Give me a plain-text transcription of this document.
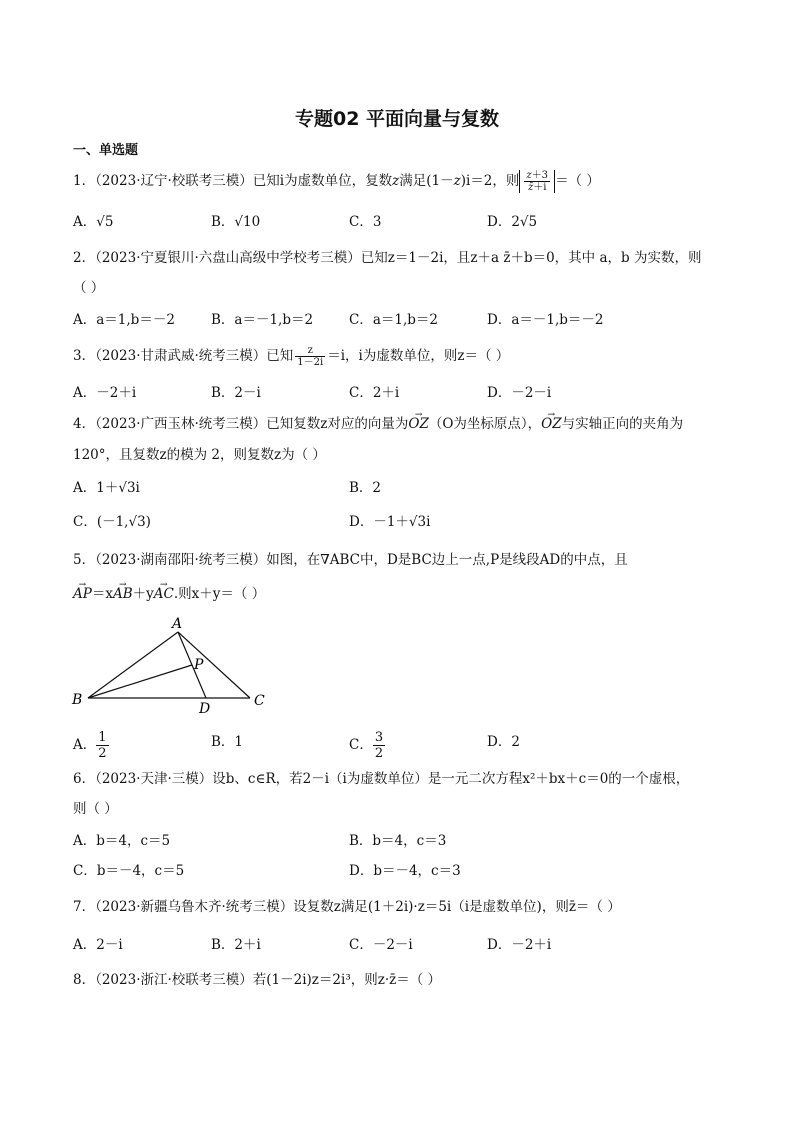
专题02 平面向量与复数
一、单选题
1．（2023·辽宁·校联考三模）已知i为虚数单位，复数z满足(1－z)i＝2，则 $\frac{z+3}{z̄+i}$ ＝（ ）
A．√5	B．√10	C．3	D．2√5
2．（2023·宁夏银川·六盘山高级中学校考三模）已知z＝1－2i，且z＋a z̄＋b＝0，其中 a，b 为实数，则
（ ）
A．a＝1,b＝－2	B．a＝－1,b＝2	C．a＝1,b＝2	D．a＝－1,b＝－2
3．（2023·甘肃武威·统考三模）已知 $\frac{z}{1-2i} =i$，i为虚数单位，则z＝（ ）
A．－2＋i	B．2－i	C．2＋i	D．－2－i
4．（2023·广西玉林·统考三模）已知复数z对应的向量为→ OZ（O为坐标原点），→ OZ与实轴正向的夹角为
120°，且复数z的模为 2，则复数z为（ ）
A．1＋√3i	B．2
C．(－1,√3)	D．－1＋√3i
5．（2023·湖南邵阳·统考三模）如图，在∇ABC中，D是BC边上一点,P是线段AD的中点，且
→ AP＝x→ AB＋y→ AC.则x＋y＝（ ）
A
B	C
D
P
A． $\frac{1}{2}$	B．1	C． $\frac{3}{2}$	D．2
6．（2023·天津·三模）设b、c∈R，若2－i（i为虚数单位）是一元二次方程x²＋bx＋c＝0的一个虚根，
则（ ）
A．b＝4，c＝5	B．b＝4，c＝3
C．b＝－4，c＝5	D．b＝－4，c＝3
7．（2023·新疆乌鲁木齐·统考三模）设复数z满足(1＋2i)·z＝5i（i是虚数单位)，则z̄＝（ ）
A．2－i	B．2＋i	C．－2－i	D．－2＋i
8．（2023·浙江·校联考三模）若(1－2i)z＝2i³，则z·z̄＝（ ）
